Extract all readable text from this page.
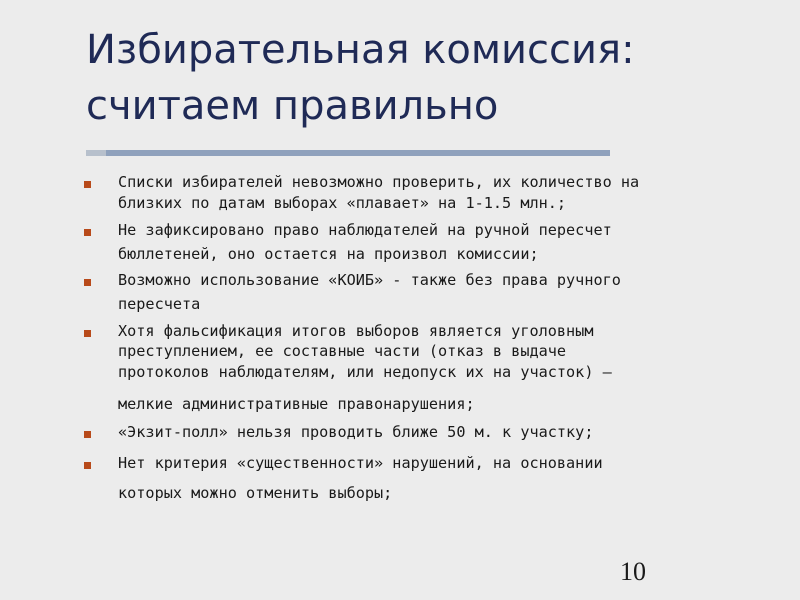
Избирательная комиссия:
считаем правильно
Списки избирателей невозможно проверить, их количество на
близких по датам выборах «плавает» на 1-1.5 млн.;
Не зафиксировано право наблюдателей на ручной пересчет
бюллетеней, оно остается на произвол комиссии;
Возможно использование «КОИБ» - также без права ручного
пересчета
Хотя фальсификация итогов выборов является уголовным
преступлением, ее составные части (отказ в выдаче
протоколов наблюдателям, или недопуск их на участок) –
мелкие административные правонарушения;
«Экзит-полл» нельзя проводить ближе 50 м. к участку;
Нет критерия «существенности» нарушений, на основании
которых можно отменить выборы;
10
